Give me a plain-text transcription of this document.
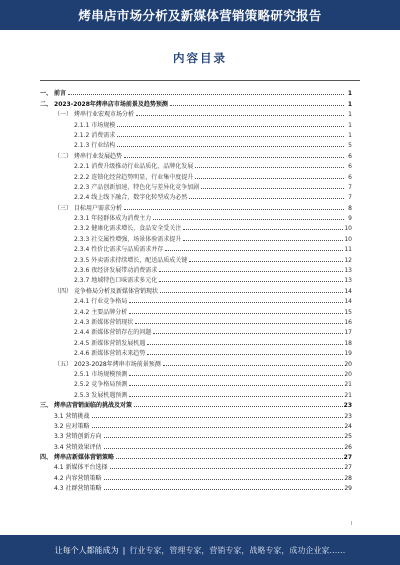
烤串店市场分析及新媒体营销策略研究报告
内容目录
一、 前言	1
二、 2023-2028年烤串店市场前景及趋势预测	1
（一） 烤串行业宏观市场分析	1
2.1.1 市场规模	1
2.1.2 消费需求	1
2.1.3 行业结构	5
（二） 烤串行业发展趋势	6
2.2.1 消费升级推动行业品质化、品牌化发展	6
2.2.2 连锁化经营趋势明显，行业集中度提升	6
2.2.3 产品创新加速，特色化与差异化竞争加剧	7
2.2.4 线上线下融合，数字化转型成为必然	7
（三） 目标用户需求分析	8
2.3.1 年轻群体成为消费主力	9
2.3.2 健康化需求增长，食品安全受关注	10
2.3.3 社交属性增强，场景体验需求提升	10
2.3.4 性价比需求与品质需求并存	11
2.3.5 外卖需求持续增长，配送品质成关键	12
2.3.6 夜经济发展带动消费需求	13
2.3.7 地域特色口味需求多元化	13
（四） 竞争格局分析及新媒体营销现状	14
2.4.1 行业竞争格局	14
2.4.2 主要品牌分析	15
2.4.3 新媒体营销现状	16
2.4.4 新媒体营销存在的问题	17
2.4.5 新媒体营销发展机遇	18
2.4.6 新媒体营销未来趋势	19
（五） 2023-2028年烤串市场前景预测	20
2.5.1 市场规模预测	20
2.5.2 竞争格局预测	21
2.5.3 发展机遇预测	21
三、 烤串店营销面临的挑战及对策	23
3.1 营销挑战	23
3.2 应对策略	24
3.3 营销创新方向	25
3.4 营销效果评估	26
四、 烤串店新媒体营销策略	27
4.1 新媒体平台选择	27
4.2 内容营销策略	28
4.3 社群营销策略	29
I
让每个人都能成为 | 行业专家，管理专家，营销专家，战略专家，成功企业家……
